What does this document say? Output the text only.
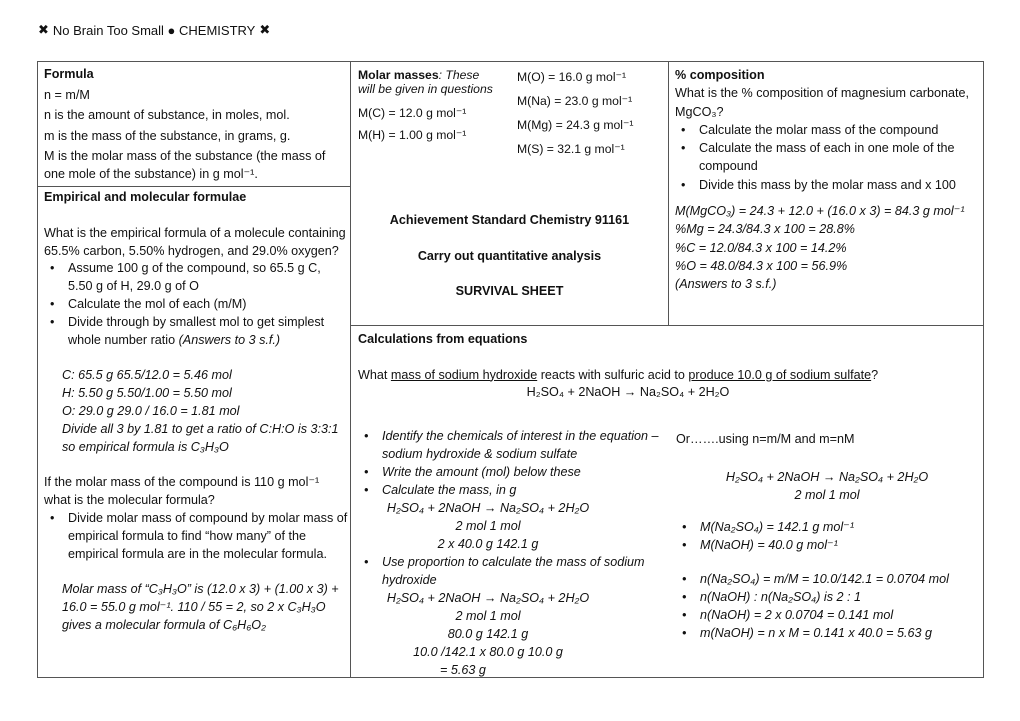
✖ No Brain Too Small ● CHEMISTRY ✖

Formula

n = m/M

n is the amount of substance, in moles, mol.

m is the mass of the substance, in grams, g.

M is the molar mass of the substance (the mass of one mole of the substance) in g mol⁻¹.

Molar masses: These will be given in questions

M(C) = 12.0 g mol⁻¹

M(H) = 1.00 g mol⁻¹

M(O) = 16.0 g mol⁻¹

M(Na) = 23.0 g mol⁻¹

M(Mg) = 24.3 g mol⁻¹

M(S) = 32.1 g mol⁻¹

% composition

What is the % composition of magnesium carbonate, MgCO₃?

• Calculate the molar mass of the compound
• Calculate the mass of each in one mole of the compound
• Divide this mass by the molar mass and x 100

M(MgCO₃) = 24.3 + 12.0 + (16.0 x 3) = 84.3 g mol⁻¹

%Mg = 24.3/84.3 x 100 = 28.8%

%C = 12.0/84.3 x 100 = 14.2%

%O = 48.0/84.3 x 100 = 56.9%

(Answers to 3 s.f.)

Achievement Standard Chemistry 91161

Carry out quantitative analysis

SURVIVAL SHEET

Empirical and molecular formulae

What is the empirical formula of a molecule containing 65.5% carbon, 5.50% hydrogen, and 29.0% oxygen?

• Assume 100 g of the compound, so 65.5 g C, 5.50 g of H, 29.0 g of O
• Calculate the mol of each (m/M)
• Divide through by smallest mol to get simplest whole number ratio (Answers to 3 s.f.)

C: 65.5 g 65.5/12.0 = 5.46 mol

H: 5.50 g 5.50/1.00 = 5.50 mol

O: 29.0 g 29.0 / 16.0 = 1.81 mol

Divide all 3 by 1.81 to get a ratio of C:H:O is 3:3:1 so empirical formula is C₃H₃O

If the molar mass of the compound is 110 g mol⁻¹ what is the molecular formula?

• Divide molar mass of compound by molar mass of empirical formula to find “how many” of the empirical formula are in the molecular formula.

Molar mass of “C₃H₃O” is (12.0 x 3) + (1.00 x 3) + 16.0 = 55.0 g mol⁻¹. 110 / 55 = 2, so 2 x C₃H₃O gives a molecular formula of C₆H₆O₂

Calculations from equations

What mass of sodium hydroxide reacts with sulfuric acid to produce 10.0 g of sodium sulfate?

H₂SO₄ + 2NaOH → Na₂SO₄ + 2H₂O

• Identify the chemicals of interest in the equation – sodium hydroxide & sodium sulfate
• Write the amount (mol) below these
• Calculate the mass, in g

H₂SO₄ + 2NaOH → Na₂SO₄ + 2H₂O

2 mol 1 mol

2 x 40.0 g 142.1 g

• Use proportion to calculate the mass of sodium hydroxide

H₂SO₄ + 2NaOH → Na₂SO₄ + 2H₂O

2 mol 1 mol

80.0 g 142.1 g

10.0 /142.1 x 80.0 g 10.0 g

= 5.63 g

Or…….using n=m/M and m=nM

H₂SO₄ + 2NaOH → Na₂SO₄ + 2H₂O

2 mol 1 mol

• M(Na₂SO₄) = 142.1 g mol⁻¹
• M(NaOH) = 40.0 g mol⁻¹
• n(Na₂SO₄) = m/M = 10.0/142.1 = 0.0704 mol
• n(NaOH) : n(Na₂SO₄) is 2 : 1
• n(NaOH) = 2 x 0.0704 = 0.141 mol
• m(NaOH) = n x M = 0.141 x 40.0 = 5.63 g
